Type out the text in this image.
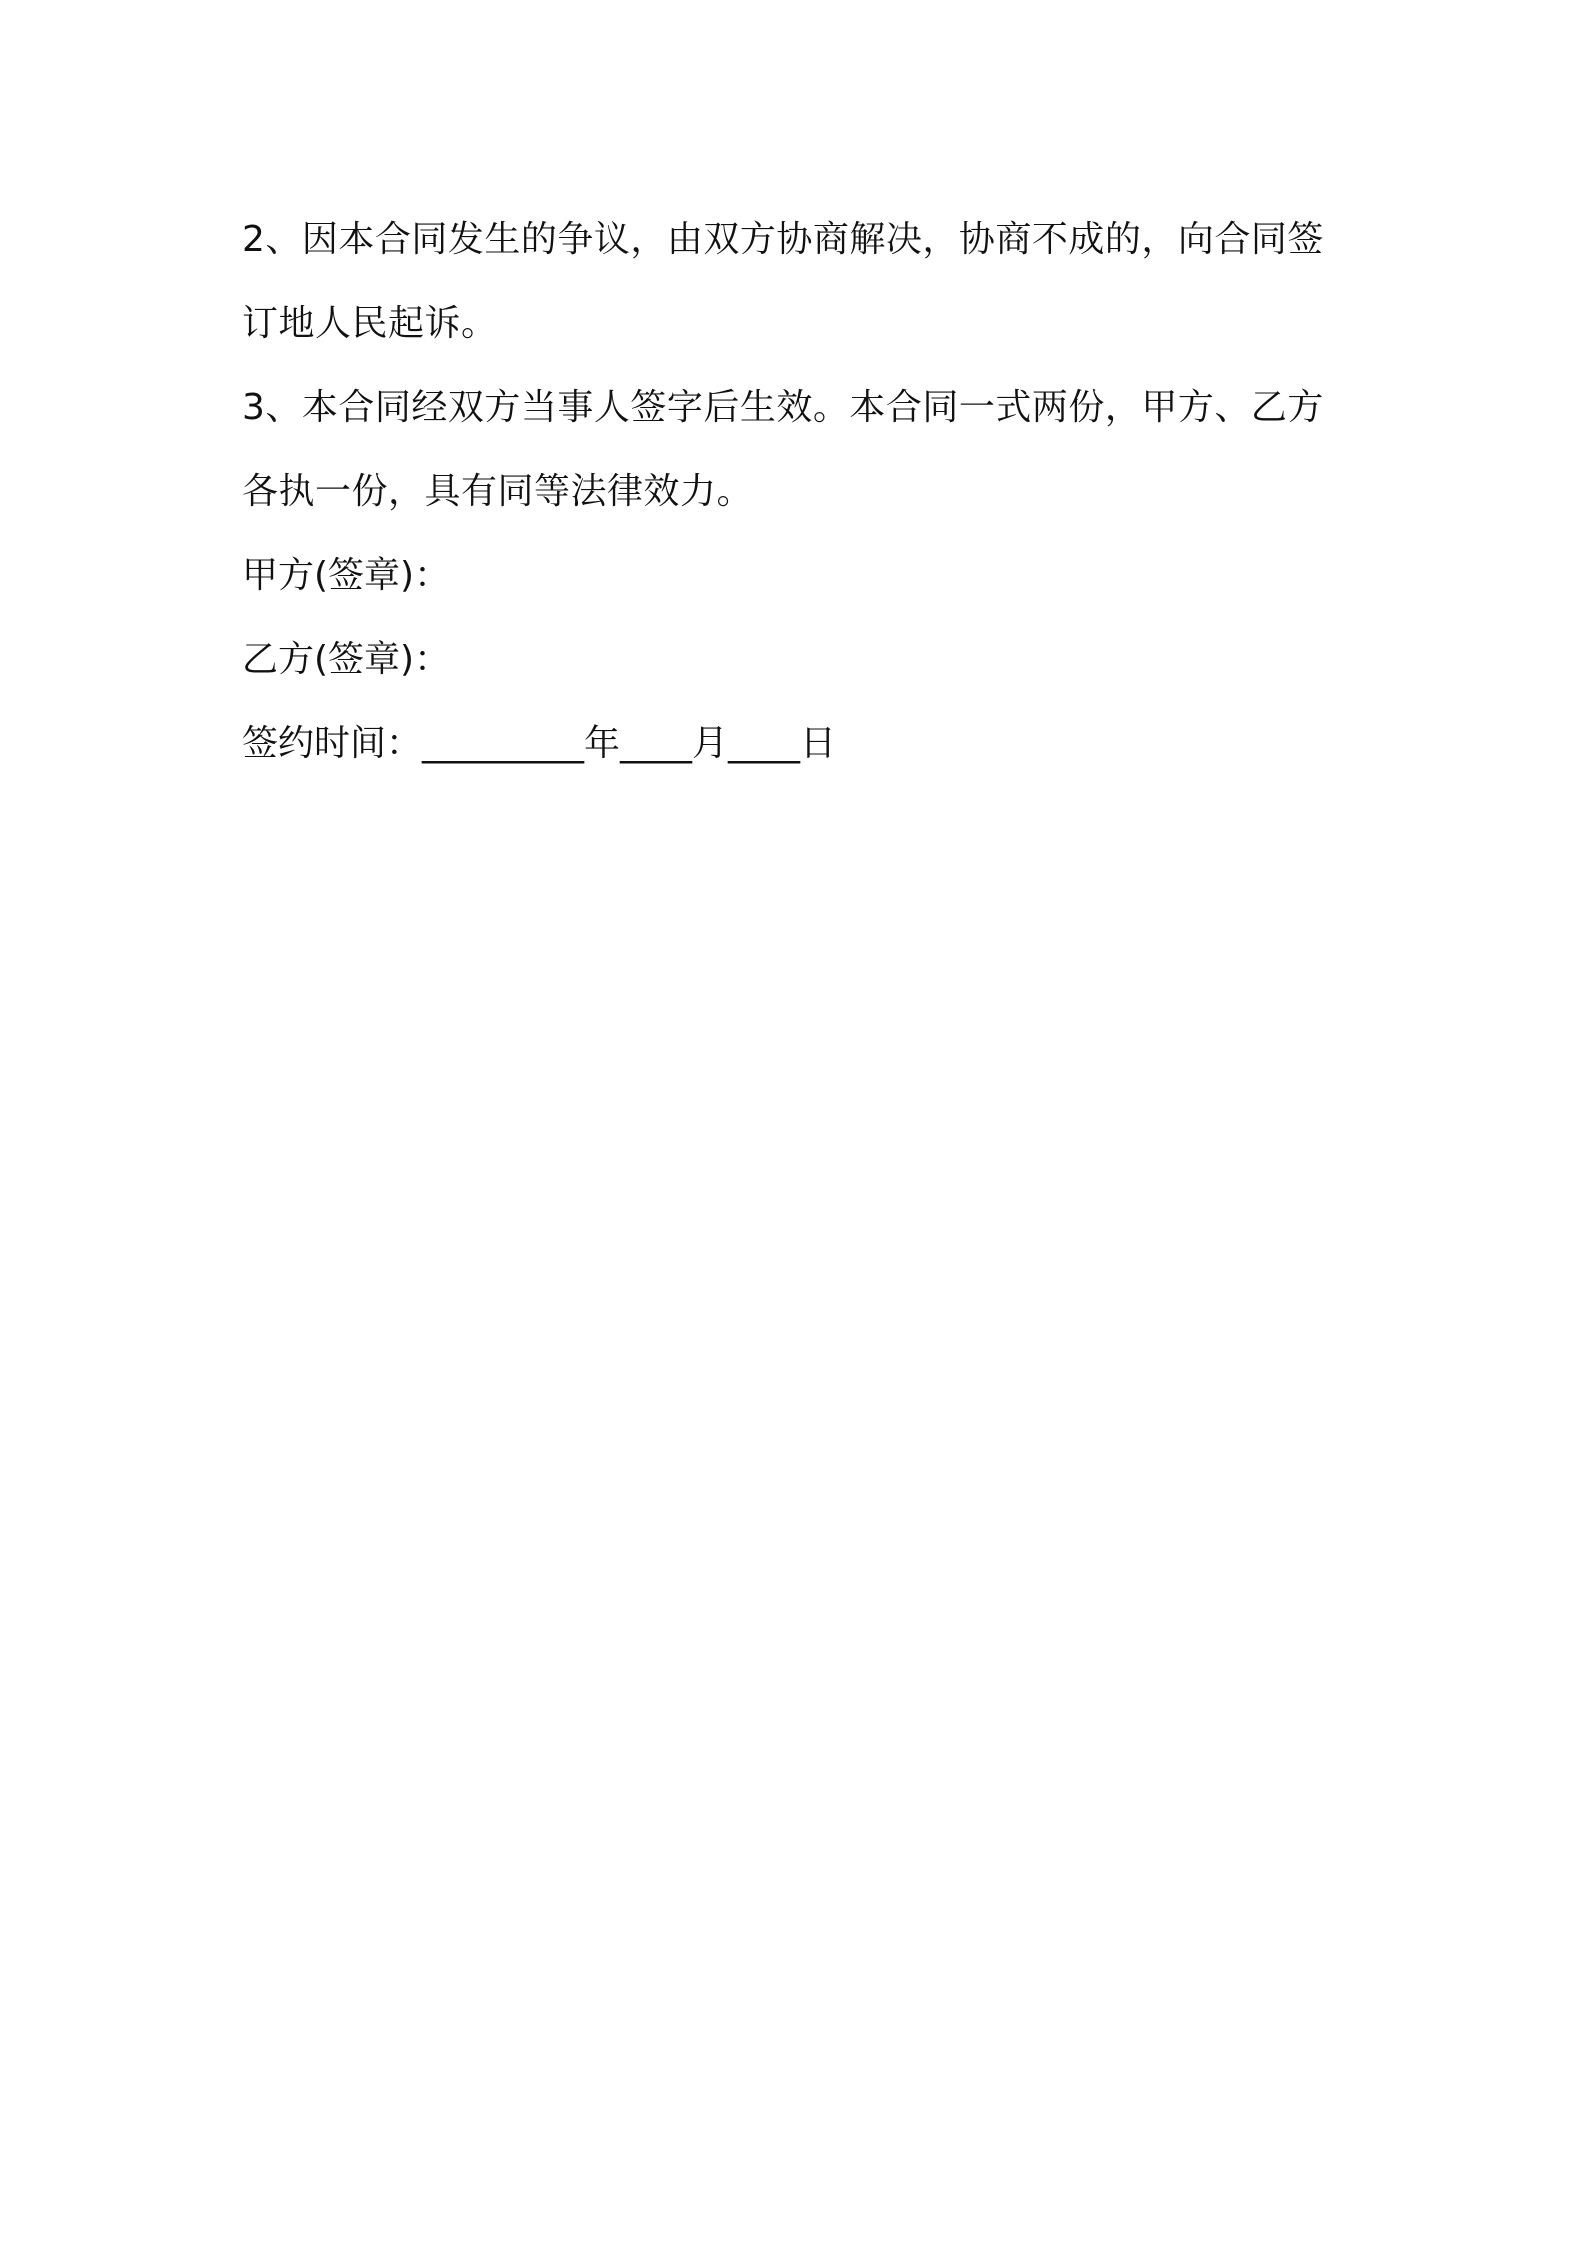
2、因本合同发生的争议，由双方协商解决，协商不成的，向合同签订地人民起诉。

3、本合同经双方当事人签字后生效。本合同一式两份，甲方、乙方各执一份，具有同等法律效力。

甲方(签章)：

乙方(签章)：

签约时间：_________年____月____日
